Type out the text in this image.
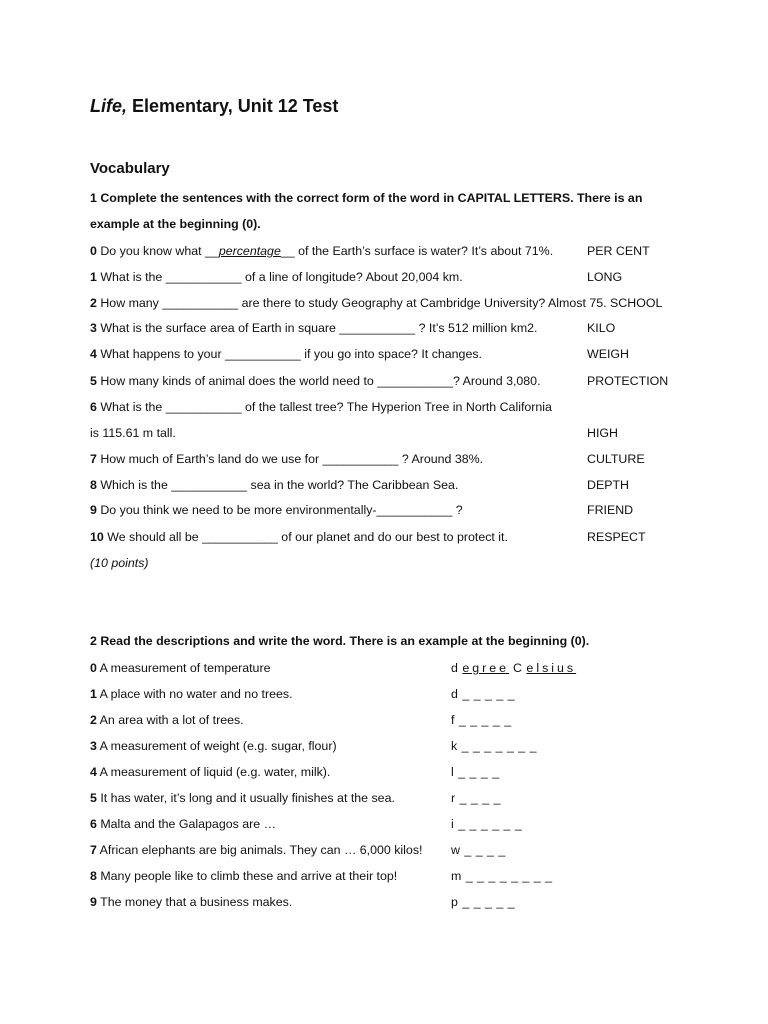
Life, Elementary, Unit 12 Test
Vocabulary
1 Complete the sentences with the correct form of the word in CAPITAL LETTERS. There is an example at the beginning (0).
0 Do you know what __percentage__ of the Earth’s surface is water? It’s about 71%.	PER CENT
1 What is the ___________ of a line of longitude? About 20,004 km.	LONG
2 How many ___________ are there to study Geography at Cambridge University? Almost 75. SCHOOL
3 What is the surface area of Earth in square ___________ ? It’s 512 million km2.	KILO
4 What happens to your ___________ if you go into space? It changes.	WEIGH
5 How many kinds of animal does the world need to ___________? Around 3,080.	PROTECTION
6 What is the ___________ of the tallest tree? The Hyperion Tree in North California
is 115.61 m tall.	HIGH
7 How much of Earth’s land do we use for ___________ ? Around 38%.	CULTURE
8 Which is the ___________ sea in the world? The Caribbean Sea.	DEPTH
9 Do you think we need to be more environmentally-___________ ?	FRIEND
10 We should all be ___________ of our planet and do our best to protect it.	RESPECT
(10 points)
2 Read the descriptions and write the word. There is an example at the beginning (0).
0 A measurement of temperature	d egree C elsius
1 A place with no water and no trees.	d _ _ _ _ _
2 An area with a lot of trees.	f _ _ _ _ _
3 A measurement of weight (e.g. sugar, flour)	k _ _ _ _ _ _ _
4 A measurement of liquid (e.g. water, milk).	l _ _ _ _
5 It has water, it’s long and it usually finishes at the sea.	r _ _ _ _
6 Malta and the Galapagos are …	i _ _ _ _ _ _
7 African elephants are big animals. They can … 6,000 kilos! w _ _ _ _
8 Many people like to climb these and arrive at their top!	m _ _ _ _ _ _ _ _
9 The money that a business makes.	p _ _ _ _ _
